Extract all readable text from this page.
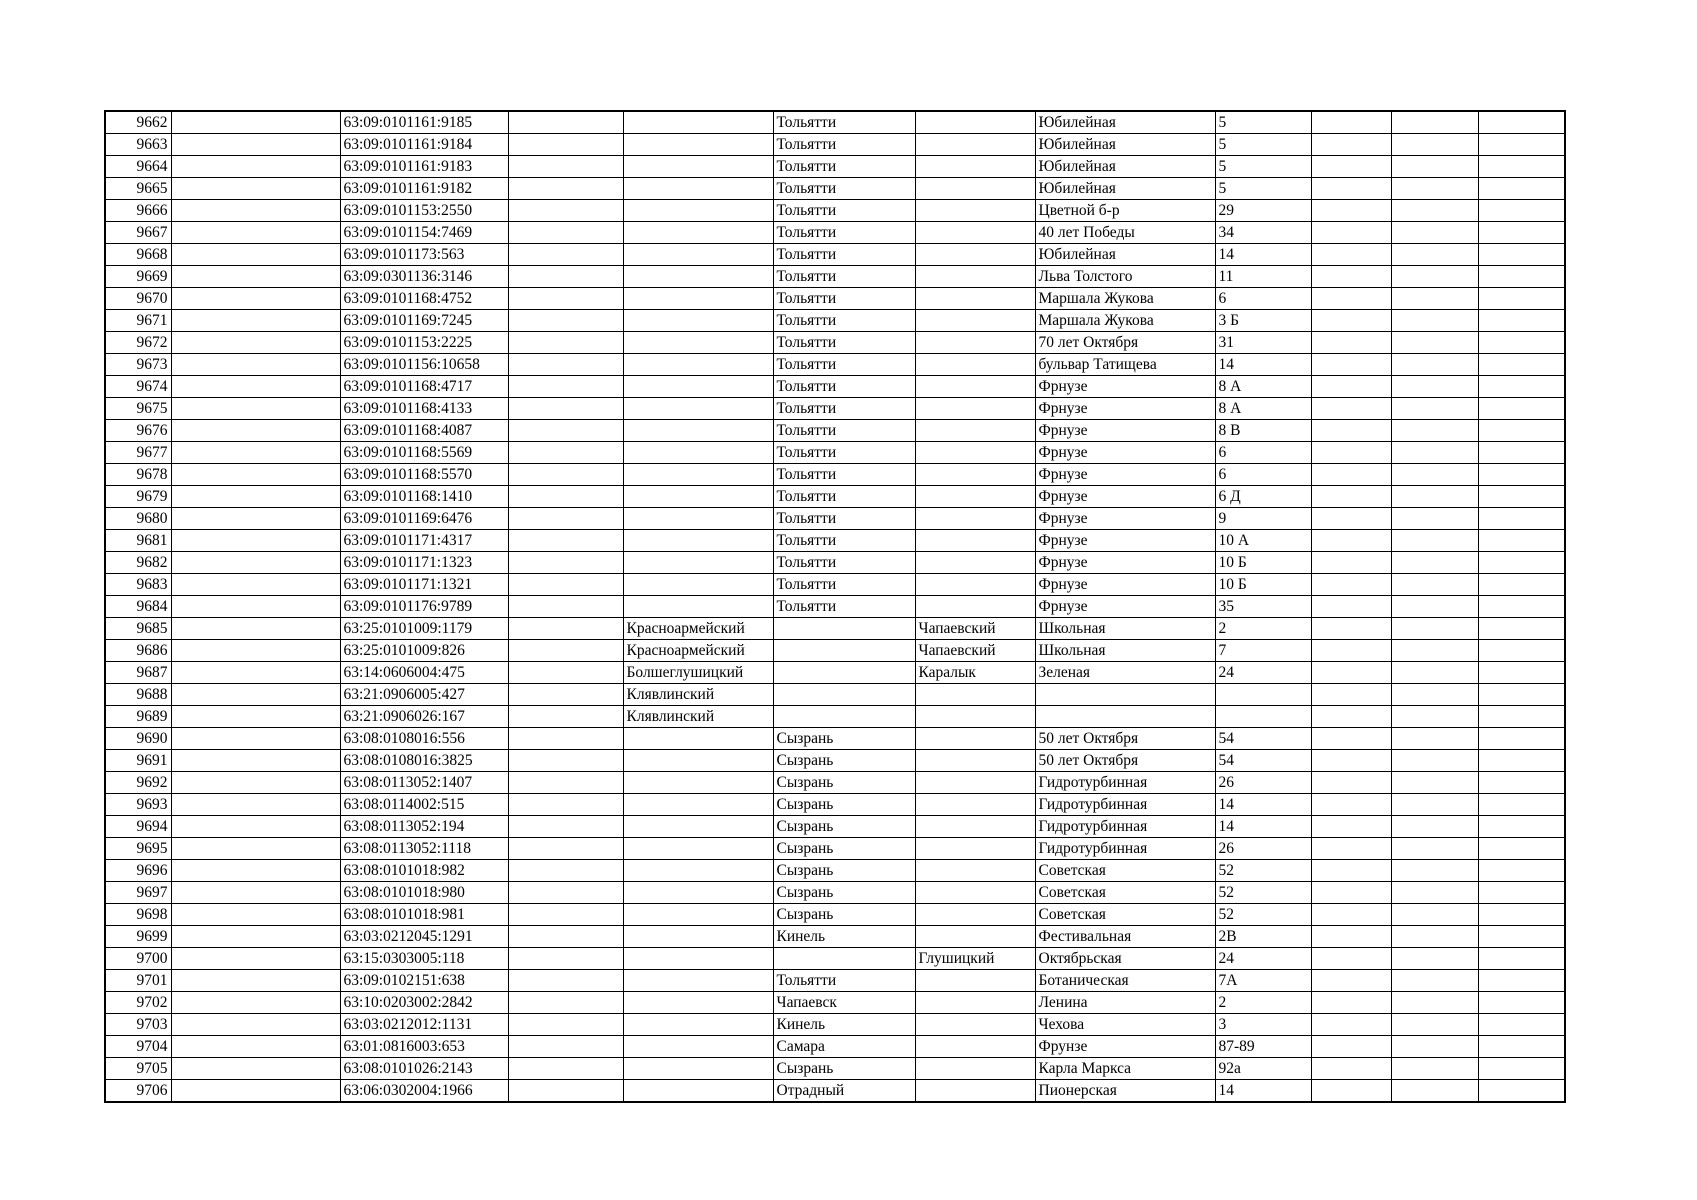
9662		63:09:0101161:9185			Тольятти		Юбилейная	5			
9663		63:09:0101161:9184			Тольятти		Юбилейная	5			
9664		63:09:0101161:9183			Тольятти		Юбилейная	5			
9665		63:09:0101161:9182			Тольятти		Юбилейная	5			
9666		63:09:0101153:2550			Тольятти		Цветной б-р	29			
9667		63:09:0101154:7469			Тольятти		40 лет Победы	34			
9668		63:09:0101173:563			Тольятти		Юбилейная	14			
9669		63:09:0301136:3146			Тольятти		Льва Толстого	11			
9670		63:09:0101168:4752			Тольятти		Маршала Жукова	6			
9671		63:09:0101169:7245			Тольятти		Маршала Жукова	3 Б			
9672		63:09:0101153:2225			Тольятти		70 лет Октября	31			
9673		63:09:0101156:10658			Тольятти		бульвар Татищева	14			
9674		63:09:0101168:4717			Тольятти		Фрнузе	8 А			
9675		63:09:0101168:4133			Тольятти		Фрнузе	8 А			
9676		63:09:0101168:4087			Тольятти		Фрнузе	8 В			
9677		63:09:0101168:5569			Тольятти		Фрнузе	6			
9678		63:09:0101168:5570			Тольятти		Фрнузе	6			
9679		63:09:0101168:1410			Тольятти		Фрнузе	6 Д			
9680		63:09:0101169:6476			Тольятти		Фрнузе	9			
9681		63:09:0101171:4317			Тольятти		Фрнузе	10 А			
9682		63:09:0101171:1323			Тольятти		Фрнузе	10 Б			
9683		63:09:0101171:1321			Тольятти		Фрнузе	10 Б			
9684		63:09:0101176:9789			Тольятти		Фрнузе	35			
9685		63:25:0101009:1179		Красноармейский		Чапаевский	Школьная	2			
9686		63:25:0101009:826		Красноармейский		Чапаевский	Школьная	7			
9687		63:14:0606004:475		Болшеглушицкий		Каралык	Зеленая	24			
9688		63:21:0906005:427		Клявлинский							
9689		63:21:0906026:167		Клявлинский							
9690		63:08:0108016:556			Сызрань		50 лет Октября	54			
9691		63:08:0108016:3825			Сызрань		50 лет Октября	54			
9692		63:08:0113052:1407			Сызрань		Гидротурбинная	26			
9693		63:08:0114002:515			Сызрань		Гидротурбинная	14			
9694		63:08:0113052:194			Сызрань		Гидротурбинная	14			
9695		63:08:0113052:1118			Сызрань		Гидротурбинная	26			
9696		63:08:0101018:982			Сызрань		Советская	52			
9697		63:08:0101018:980			Сызрань		Советская	52			
9698		63:08:0101018:981			Сызрань		Советская	52			
9699		63:03:0212045:1291			Кинель		Фестивальная	2В			
9700		63:15:0303005:118				Глушицкий	Октябрьская	24			
9701		63:09:0102151:638			Тольятти		Ботаническая	7А			
9702		63:10:0203002:2842			Чапаевск		Ленина	2			
9703		63:03:0212012:1131			Кинель		Чехова	3			
9704		63:01:0816003:653			Самара		Фрунзе	87-89			
9705		63:08:0101026:2143			Сызрань		Карла Маркса	92а			
9706		63:06:0302004:1966			Отрадный		Пионерская	14			
